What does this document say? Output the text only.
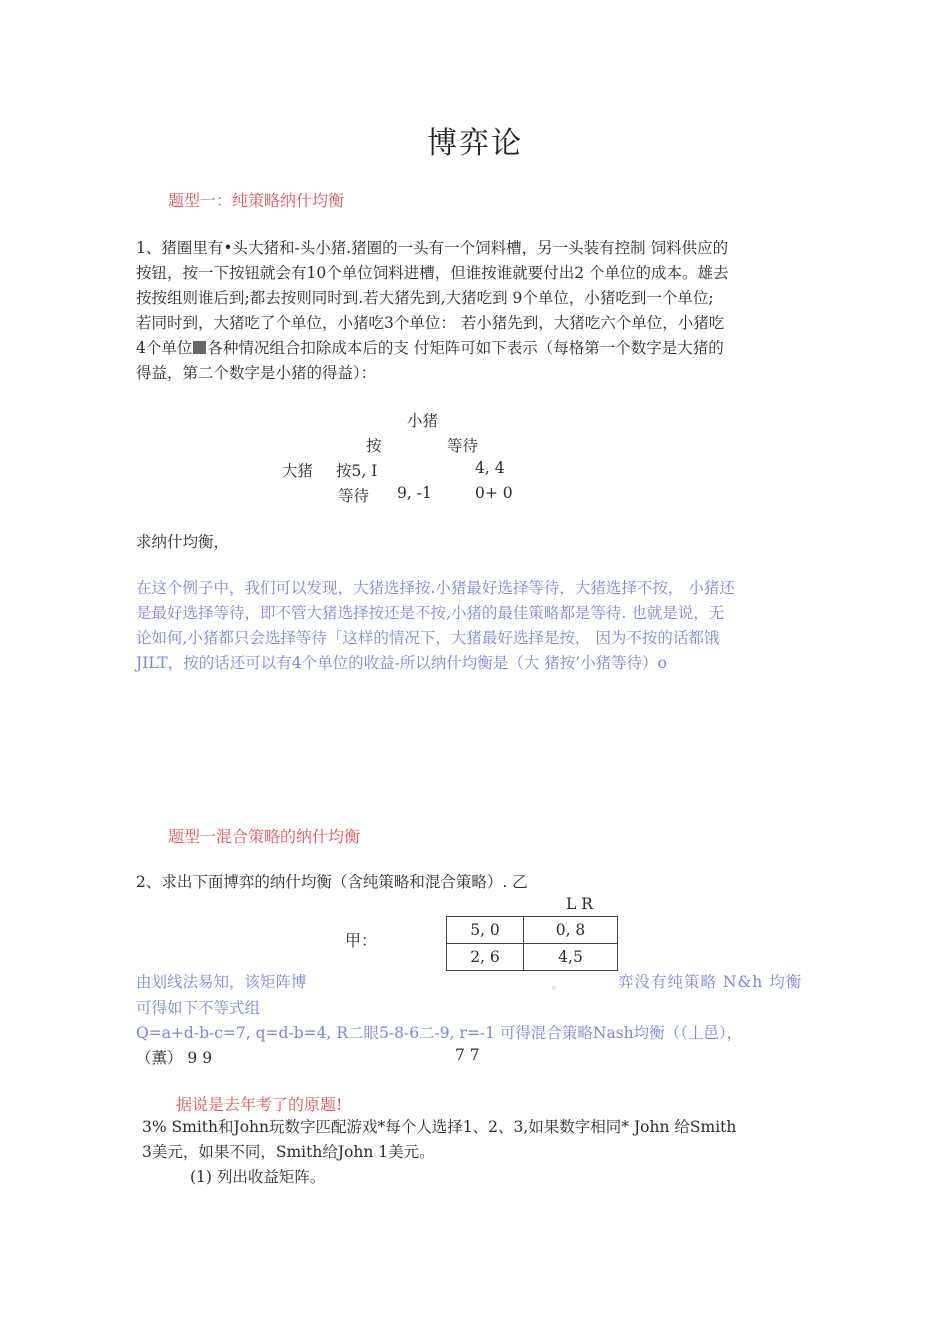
博弈论
题型一：纯策略纳什均衡
1、猪圈里有•头大猪和-头小猪.猪圈的一头有一个饲料槽，另一头装有控制 饲料供应的
按钮，按一下按钮就会有10个单位饲料进槽，但谁按谁就要付出2 个单位的成本。雄去
按按组则谁后到;都去按则同时到.若大猪先到,大猪吃到 9个单位，小猪吃到一个单位;
若同时到，大猪吃了个单位，小猪吃3个单位： 若小猪先到，大猪吃六个单位，小猪吃
4个单位 各种情况组合扣除成本后的支 付矩阵可如下表示（每格第一个数字是大猪的
得益，第二个数字是小猪的得益）：
小猪
按	等待
大猪 按5, I	4, 4
等待 9, -1	0+ 0
求纳什均衡，
在这个例子中，我们可以发现，大猪选择按.小猪最好选择等待，大猪选择不按， 小猪还
是最好选择等待，即不管大猪选择按还是不按,小猪的最佳策略都是等待. 也就是说，无
论如何,小猪都只会选择等待「这样的情况下，大猪最好选择是按， 因为不按的话都饿
JILT，按的话还可以有4个单位的收益-所以纳什均衡是（大 猪按’小猪等待）o
题型一混合策略的纳什均衡
2、求出下面博弈的纳什均衡（含纯策略和混合策略）. 乙
L R
甲：
5, 0	0, 8
2, 6	4,5
由划线法易知，该矩阵博	。	弈没有纯策略 N&h 均衡
可得如下不等式组
Q=a+d-b-c=7, q=d-b=4, R二眼5-8-6二-9, r=-1 可得混合策略Nash均衡（（丄邑），
（薫） 9 9	7 7
据说是去年考了的原题!
3% Smith和John玩数字匹配游戏*每个人选择1、2、3,如果数字相同* John 给Smith
3美元，如果不同，Smith给John 1美元。
(1) 列出收益矩阵。
